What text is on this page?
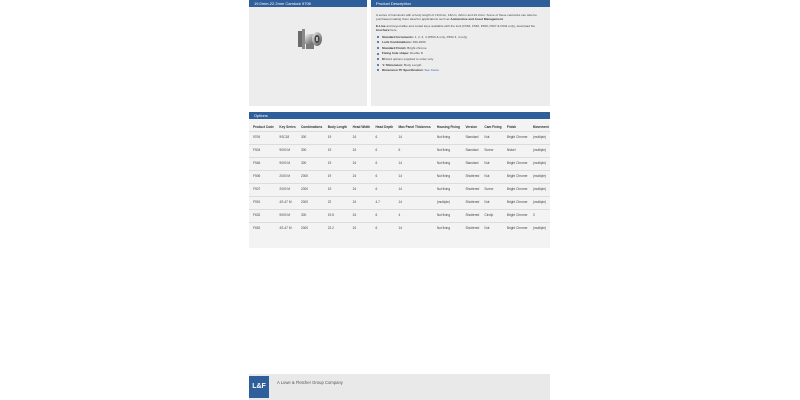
19.0mm-22.2mm Camlock 9706	Product Description

A series of Camlocks with a body length of 19.0mm, 18mm, 22mm and 22.2mm. Some of these camlocks can also be purchased making them ideal for applications such as Automotive and Asset Management.

E-Line and keyed alike and coded keys available with the lock (F504, F546, F506, F507 & F634 only), download the brochure here.

Standard Increments: 1, 2, 3, 4 (F503 & only, F504 3, 4 only)
Lock Combinations: 300-2000
Standard Finish: Bright chrome
Fixing hole shape: Double D
M fixed options supplied to order only
'L' Dimension: Body Length
Dimension 'B' Specification: See Cams
Options
Product Code	Key Series	Combinations	Body Length	Head Width	Head Depth	Max Panel Thickness	Housing Fixing	Version	Cam Fixing	Finish	Movement
9706	9SC18	300	19	24	6	14	Nut fixing	Standard	Nut	Bright Chrome	(multiple)
F504	9000 M	300	19	24	6	6	Nut fixing	Standard	Screw	Nickel	(multiple)
F546	9000 M	300	19	24	6	14	Nut fixing	Standard	Nut	Bright Chrome	(multiple)
F506	2000 M	2000	19	24	6	14	Nut fixing	Shuttered	Nut	Bright Chrome	(multiple)
F507	2000 M	2000	19	24	6	14	Nut fixing	Shuttered	Screw	Bright Chrome	(multiple)
F591	4S-47 M	2000	22	24	4.7	14	(multiple)	Shuttered	Nut	Bright Chrome	(multiple)
F632	9000 M	300	19.5	24	6	4	Nut fixing	Shuttered	Circlip	Bright Chrome	3
F652	4S-47 M	2000	22.2	24	6	14	Nut fixing	Shuttered	Nut	Bright Chrome	(multiple)
L&F
A Lowe & Fletcher Group Company
